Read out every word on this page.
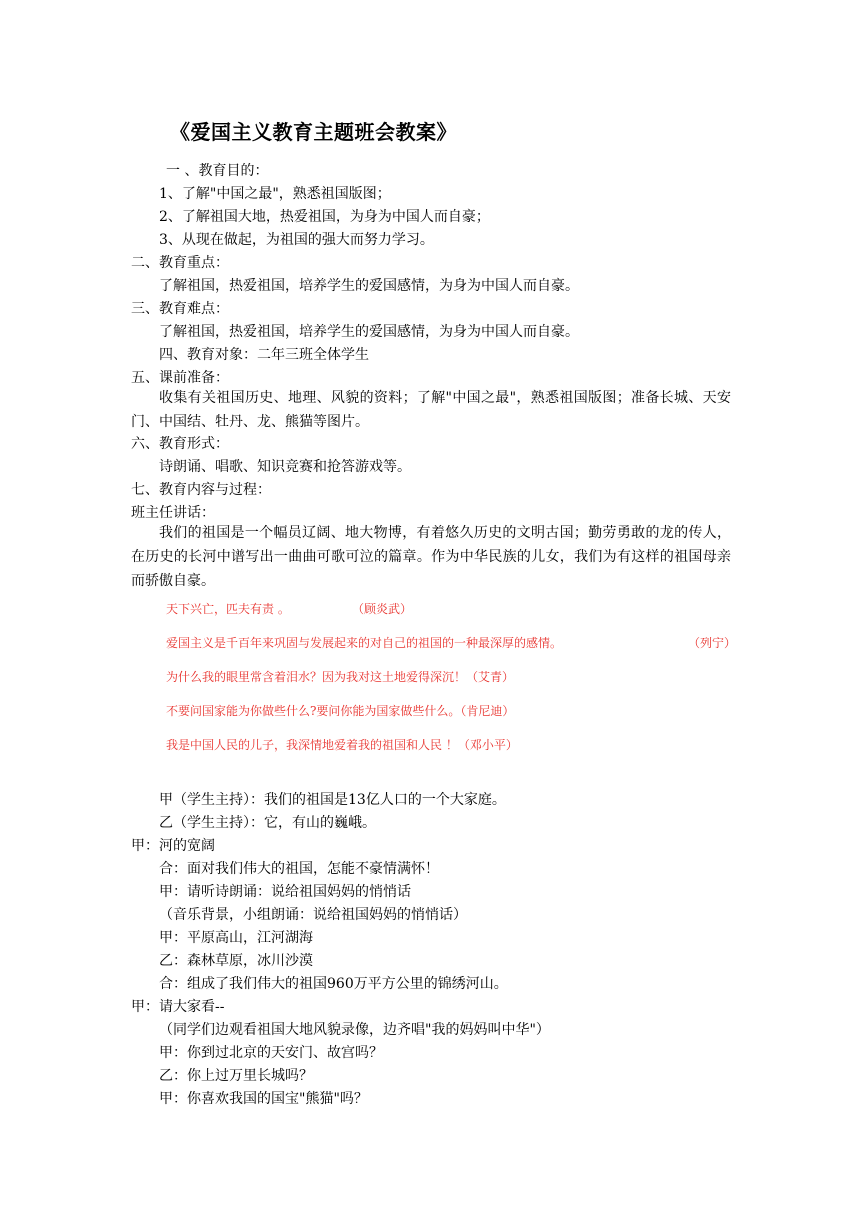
《爱国主义教育主题班会教案》
一 、教育目的：
1、了解"中国之最"，熟悉祖国版图；
2、了解祖国大地，热爱祖国，为身为中国人而自豪；
3、从现在做起，为祖国的强大而努力学习。
二、教育重点：
了解祖国，热爱祖国，培养学生的爱国感情，为身为中国人而自豪。
三、教育难点：
了解祖国，热爱祖国，培养学生的爱国感情，为身为中国人而自豪。
四、教育对象：二年三班全体学生
五、课前准备：
收集有关祖国历史、地理、风貌的资料；了解"中国之最"，熟悉祖国版图；准备长城、天安门、中国结、牡丹、龙、熊猫等图片。
六、教育形式：
诗朗诵、唱歌、知识竞赛和抢答游戏等。
七、教育内容与过程：
班主任讲话：
我们的祖国是一个幅员辽阔、地大物博，有着悠久历史的文明古国；勤劳勇敢的龙的传人，在历史的长河中谱写出一曲曲可歌可泣的篇章。作为中华民族的儿女，我们为有这样的祖国母亲而骄傲自豪。
天下兴亡，匹夫有责 。	（顾炎武）
爱国主义是千百年来巩固与发展起来的对自己的祖国的一种最深厚的感情。	（列宁）
为什么我的眼里常含着泪水？因为我对这土地爱得深沉！（艾青）
不要问国家能为你做些什么?要问你能为国家做些什么。（肯尼迪）
我是中国人民的儿子，我深情地爱着我的祖国和人民 ！（邓小平）
甲（学生主持）：我们的祖国是13亿人口的一个大家庭。
乙（学生主持）：它，有山的巍峨。
甲：河的宽阔
合：面对我们伟大的祖国，怎能不豪情满怀！
甲：请听诗朗诵：说给祖国妈妈的悄悄话
（音乐背景，小组朗诵：说给祖国妈妈的悄悄话）
甲：平原高山，江河湖海
乙：森林草原，冰川沙漠
合：组成了我们伟大的祖国960万平方公里的锦绣河山。
甲：请大家看--
（同学们边观看祖国大地风貌录像，边齐唱"我的妈妈叫中华"）
甲：你到过北京的天安门、故宫吗？
乙：你上过万里长城吗？
甲：你喜欢我国的国宝"熊猫"吗？
